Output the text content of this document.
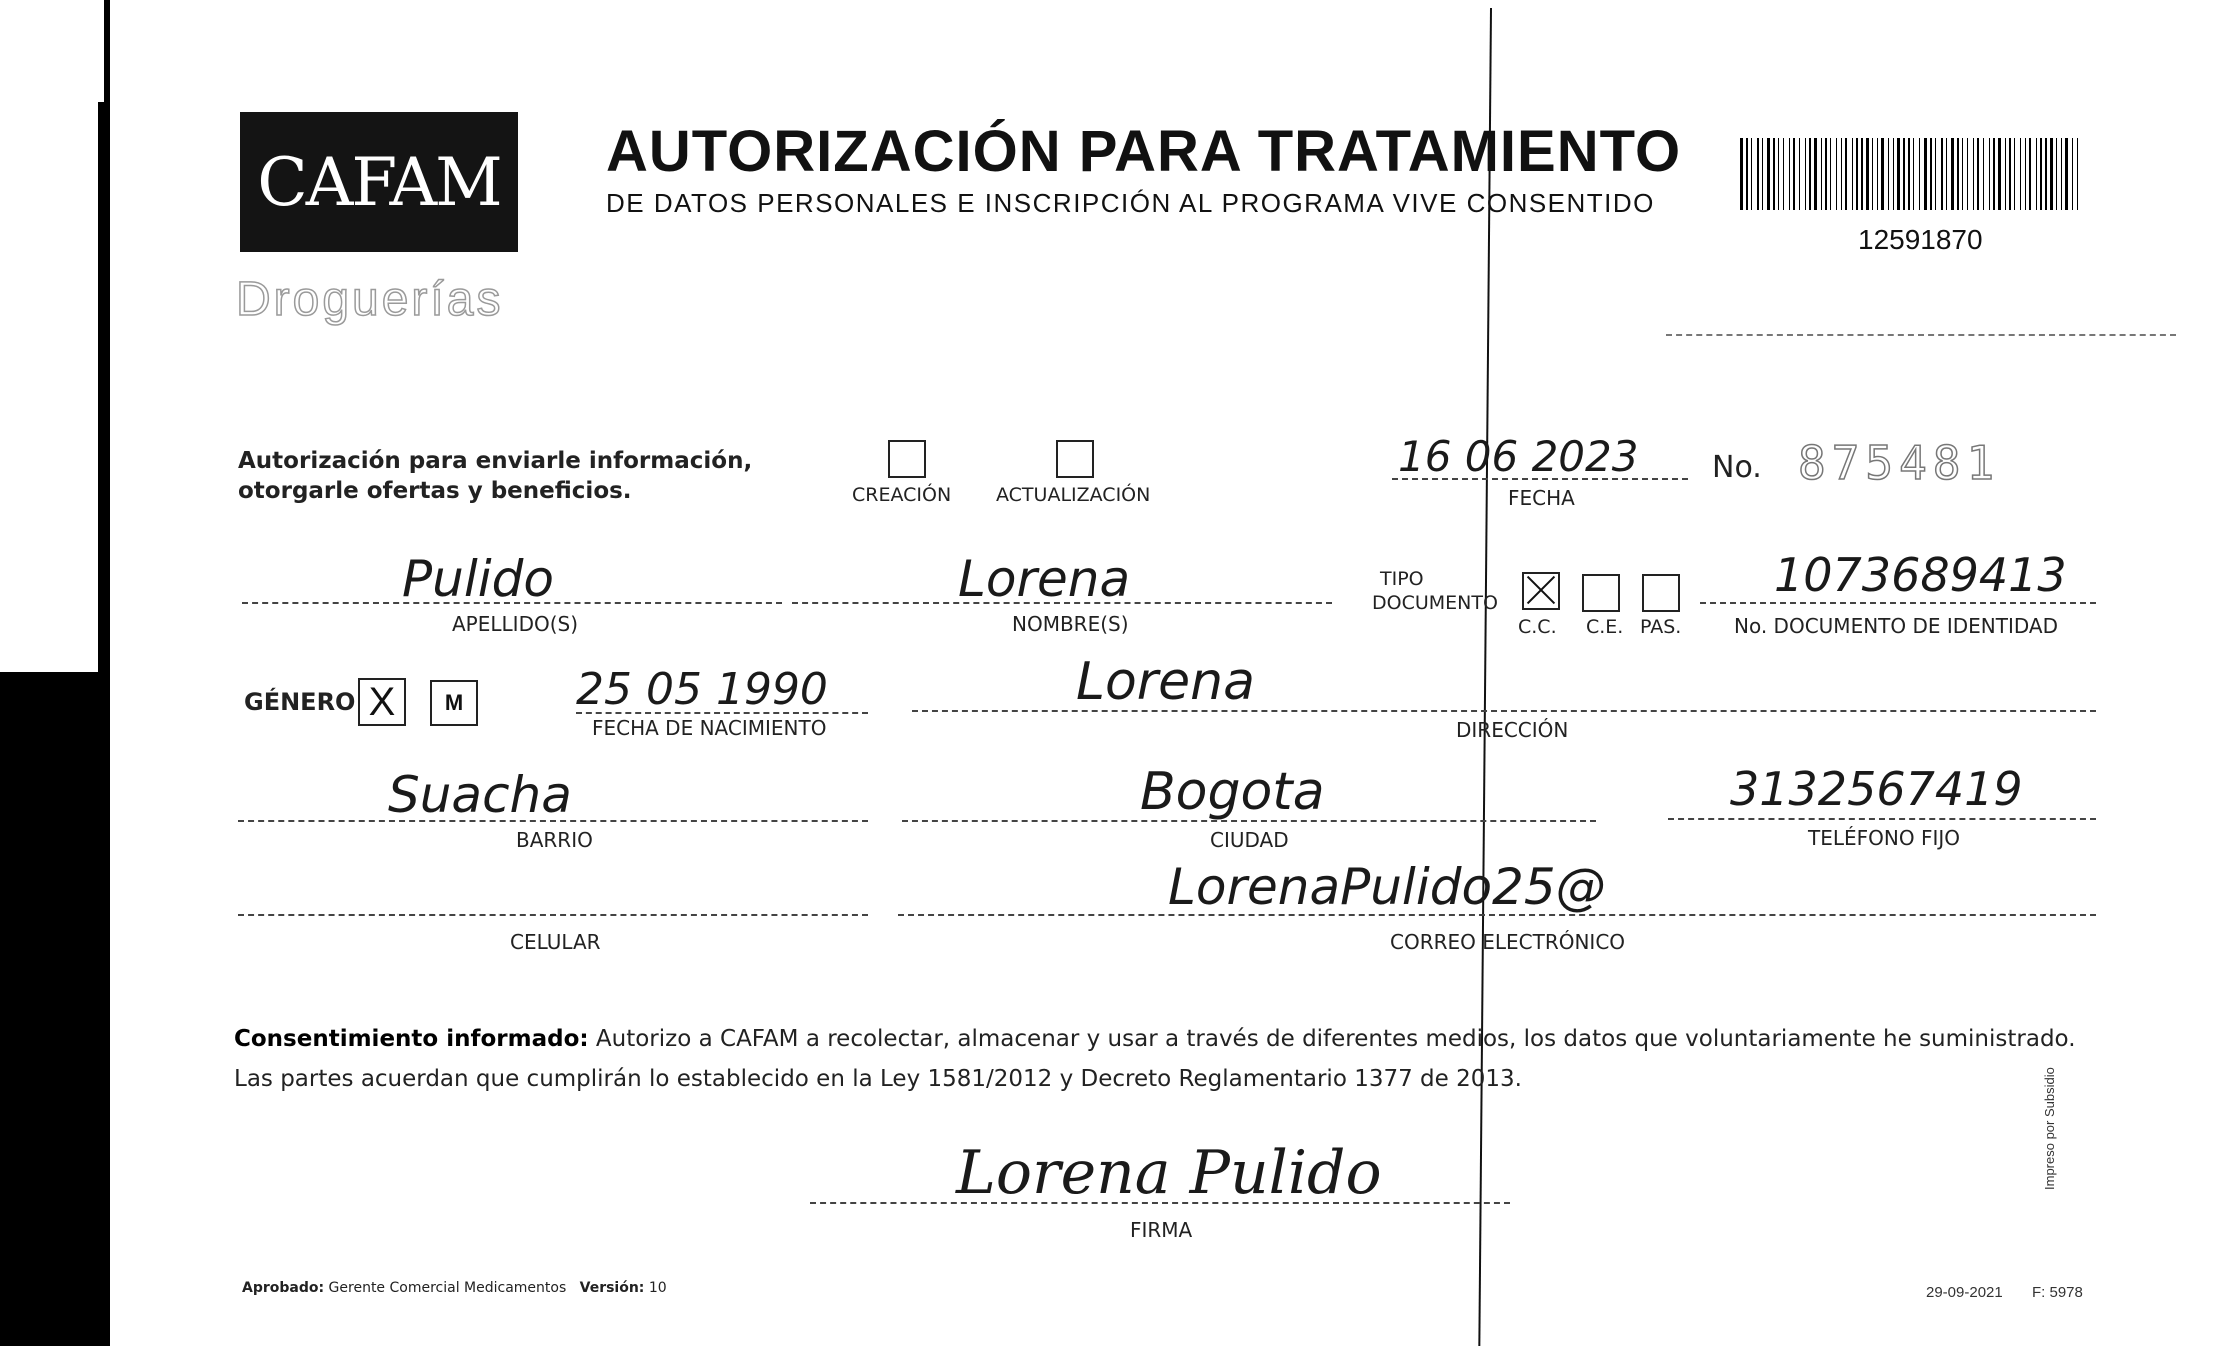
CAFAM
Droguerías
AUTORIZACIÓN PARA TRATAMIENTO
DE DATOS PERSONALES E INSCRIPCIÓN AL PROGRAMA VIVE CONSENTIDO
12591870
Autorización para enviarle información,
otorgarle ofertas y beneficios.	CREACIÓN ACTUALIZACIÓN
16 06 2023
FECHA
No. 875481
Pulido
APELLIDO(S)
Lorena
NOMBRE(S)
TIPO
DOCUMENTO
C.C. C.E. PAS.
1073689413
No. DOCUMENTO DE IDENTIDAD
GÉNERO X	M	25 05 1990
FECHA DE NACIMIENTO
Lorena
DIRECCIÓN
Suacha
BARRIO
Bogota
CIUDAD
3132567419
TELÉFONO FIJO
CELULAR
LorenaPulido25@
CORREO ELECTRÓNICO
Consentimiento informado: Autorizo a CAFAM a recolectar, almacenar y usar a través de diferentes medios, los datos que voluntariamente he suministrado.
Las partes acuerdan que cumplirán lo establecido en la Ley 1581/2012 y Decreto Reglamentario 1377 de 2013.
Lorena Pulido
FIRMA
Aprobado: Gerente Comercial Medicamentos Versión: 10	29-09-2021 F: 5978
Impreso por Subsidio
